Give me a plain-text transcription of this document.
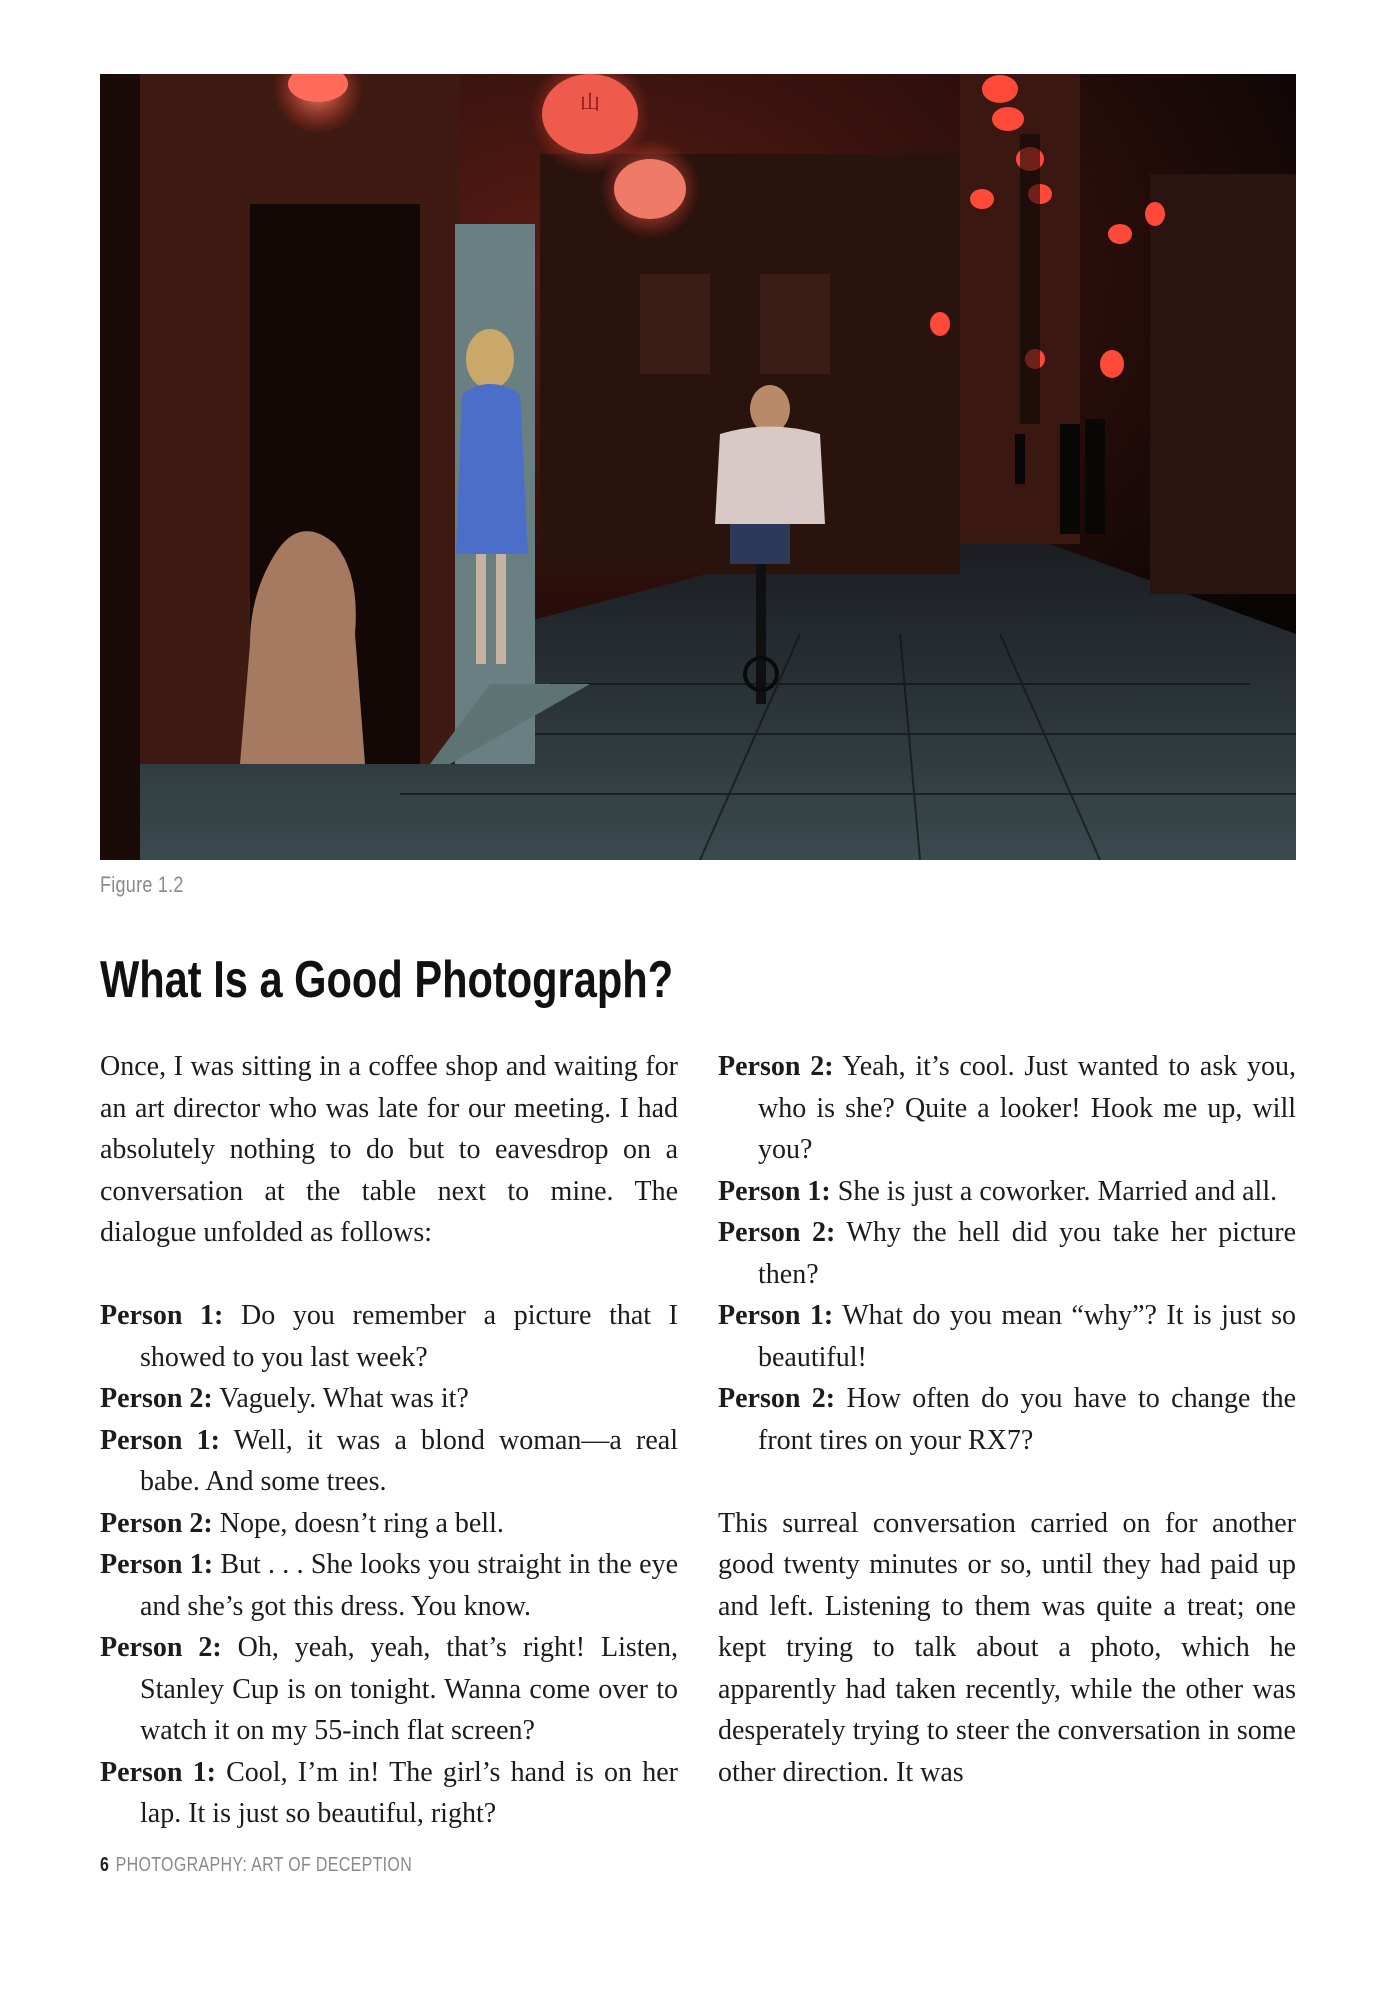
山
Figure 1.2
What Is a Good Photograph?

Once, I was sitting in a coffee shop and waiting for an art director who was late for our meeting. I had absolutely nothing to do but to eavesdrop on a conversation at the table next to mine. The dialogue unfolded as follows:

Person 1: Do you remember a picture that I showed to you last week?

Person 2: Vaguely. What was it?

Person 1: Well, it was a blond woman—a real babe. And some trees.

Person 2: Nope, doesn’t ring a bell.

Person 1: But . . . She looks you straight in the eye and she’s got this dress. You know.

Person 2: Oh, yeah, yeah, that’s right! Listen, Stanley Cup is on tonight. Wanna come over to watch it on my 55-inch flat screen?

Person 1: Cool, I’m in! The girl’s hand is on her lap. It is just so beautiful, right?

Person 2: Yeah, it’s cool. Just wanted to ask you, who is she? Quite a looker! Hook me up, will you?

Person 1: She is just a coworker. Married and all.

Person 2: Why the hell did you take her picture then?

Person 1: What do you mean “why”? It is just so beautiful!

Person 2: How often do you have to change the front tires on your RX7?

This surreal conversation carried on for another good twenty minutes or so, until they had paid up and left. Listening to them was quite a treat; one kept trying to talk about a photo, which he apparently had taken recently, while the other was desperately trying to steer the conversation in some other direction. It was

6 PHOTOGRAPHY: ART OF DECEPTION
